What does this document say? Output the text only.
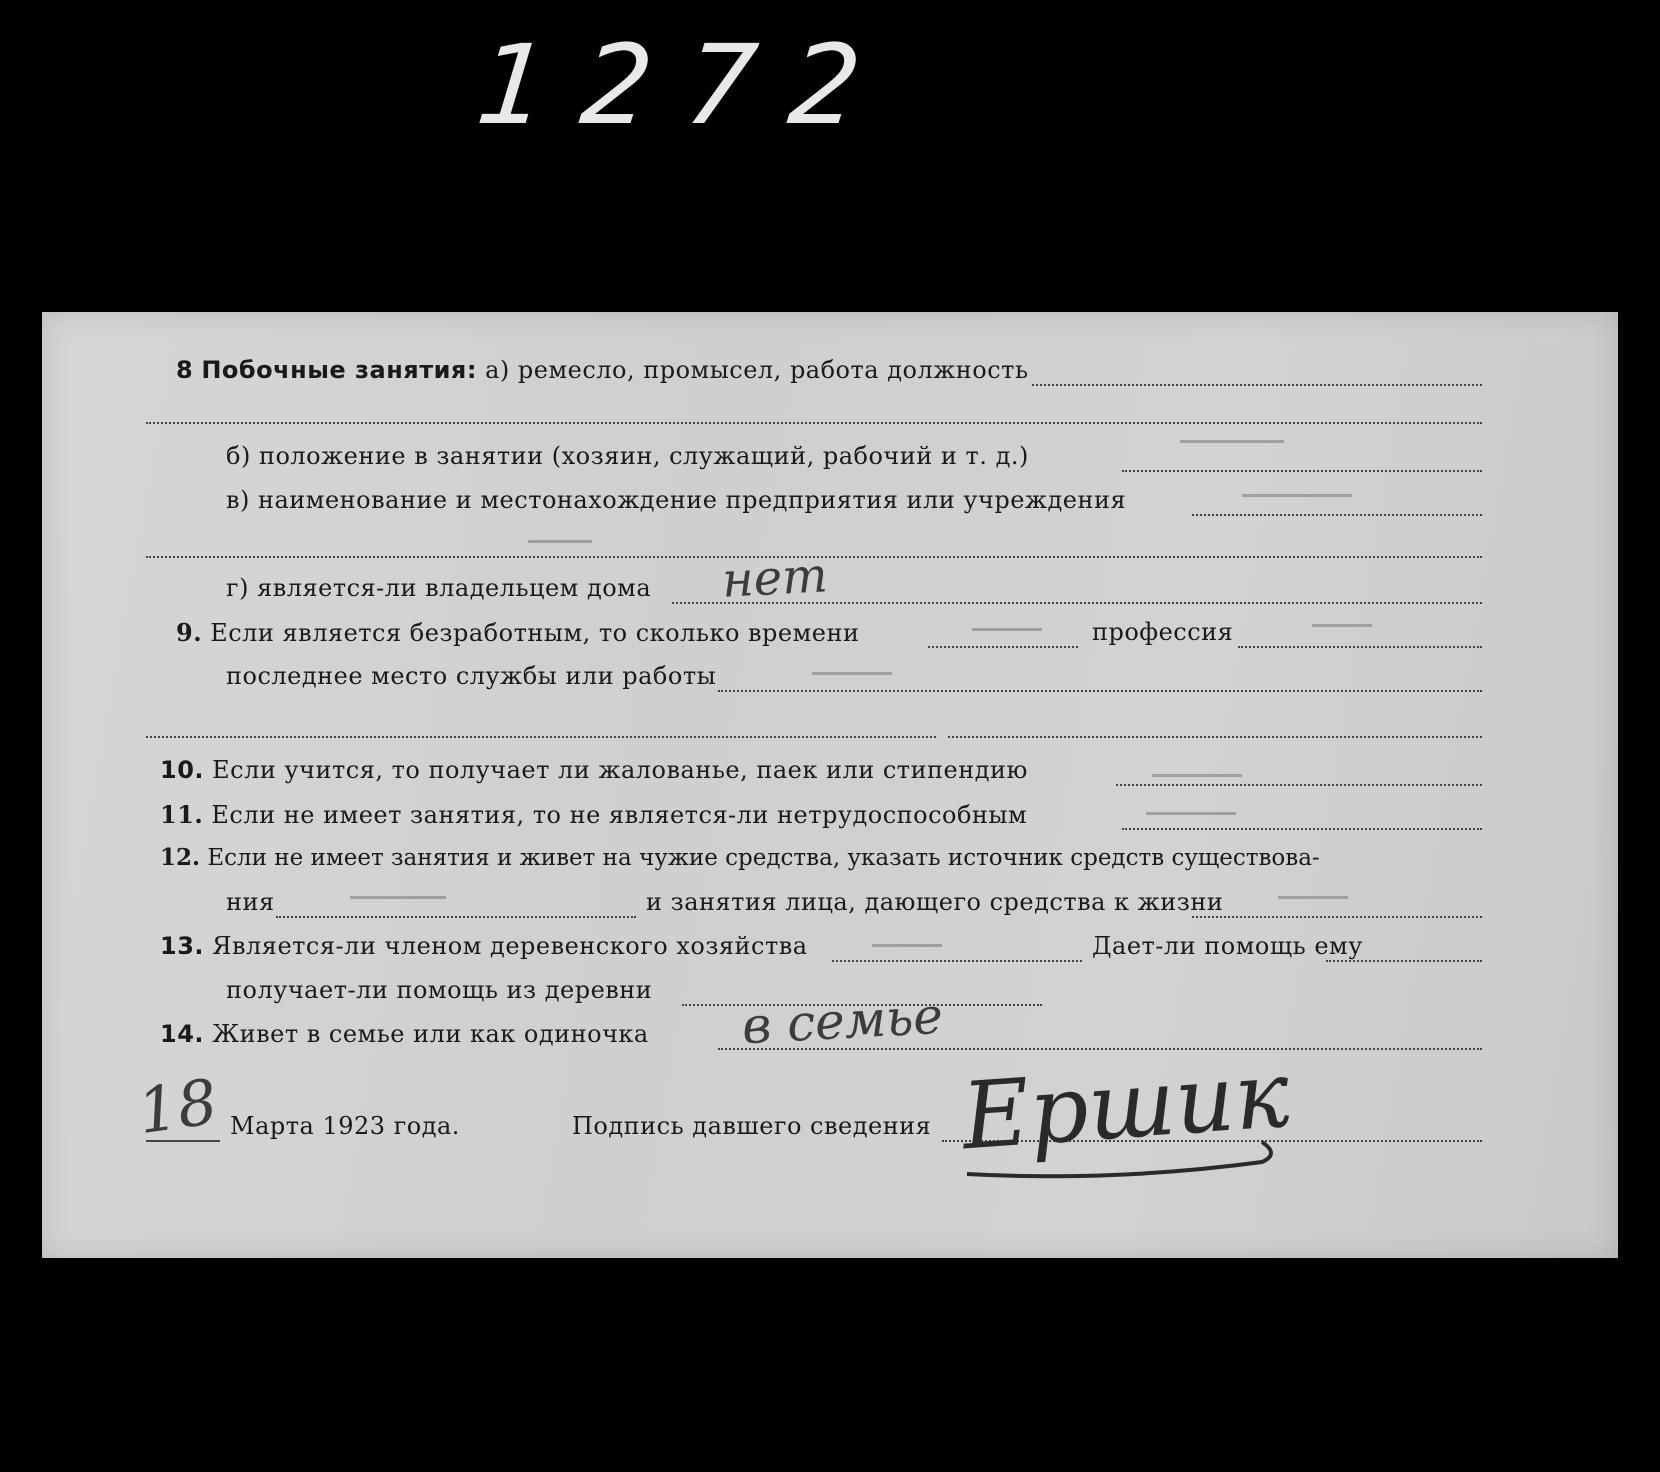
1272
8 Побочные занятия: а) ремесло, промысел, работа должность
б) положение в занятии (хозяин, служащий, рабочий и т. д.)
в) наименование и местонахождение предприятия или учреждения
г) является-ли владельцем дома нет
9. Если является безработным, то сколько времени	профессия
последнее место службы или работы
10. Если учится, то получает ли жалованье, паек или стипендию
11. Если не имеет занятия, то не является-ли нетрудоспособным
12. Если не имеет занятия и живет на чужие средства, указать источник средств существова-
ния	и занятия лица, дающего средства к жизни
13. Является-ли членом деревенского хозяйства	Дает-ли помощь ему
получает-ли помощь из деревни
14. Живет в семье или как одиночка в семье
18 Марта 1923 года.	Подпись давшего сведения Ершик
